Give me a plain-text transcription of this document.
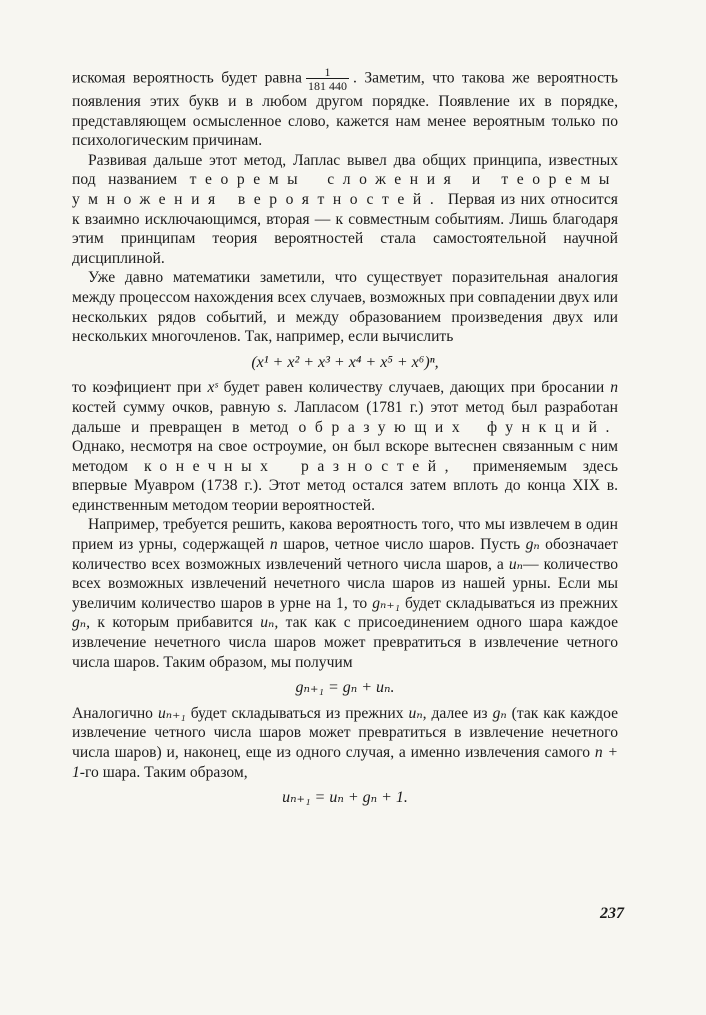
искомая вероятность будет равна $\frac{1}{181 440}$ . Заметим, что такова же вероятность появления этих букв и в любом другом порядке. Появление их в порядке, представляющем осмысленное слово, кажется нам менее вероятным только по психологическим причинам.

Развивая дальше этот метод, Лаплас вывел два общих принципа, известных под названием теоремы сложения и теоремы умножения вероятностей. Первая из них относится к взаимно исключающимся, вторая — к совместным событиям. Лишь благодаря этим принципам теория вероятностей стала самостоятельной научной дисциплиной.

Уже давно математики заметили, что существует поразительная аналогия между процессом нахождения всех случаев, возможных при совпадении двух или нескольких рядов событий, и между образованием произведения двух или нескольких многочленов. Так, например, если вычислить

(x¹ + x² + x³ + x⁴ + x⁵ + x⁶)ⁿ,

то коэфициент при xˢ будет равен количеству случаев, дающих при бросании n костей сумму очков, равную s. Лапласом (1781 г.) этот метод был разработан дальше и превращен в метод образующих функций. Однако, несмотря на свое остроумие, он был вскоре вытеснен связанным с ним методом конечных разностей, применяемым здесь впервые Муавром (1738 г.). Этот метод остался затем вплоть до конца XIX в. единственным методом теории вероятностей.

Например, требуется решить, какова вероятность того, что мы извлечем в один прием из урны, содержащей n шаров, четное число шаров. Пусть gₙ обозначает количество всех возможных извлечений четного числа шаров, а uₙ— количество всех возможных извлечений нечетного числа шаров из нашей урны. Если мы увеличим количество шаров в урне на 1, то gₙ₊₁ будет складываться из прежних gₙ, к которым прибавится uₙ, так как с присоединением одного шара каждое извлечение нечетного числа шаров может превратиться в извлечение четного числа шаров. Таким образом, мы получим

gₙ₊₁ = gₙ + uₙ.

Аналогично uₙ₊₁ будет складываться из прежних uₙ, далее из gₙ (так как каждое извлечение четного числа шаров может превратиться в извлечение нечетного числа шаров) и, наконец, еще из одного случая, а именно извлечения самого n + 1-го шара. Таким образом,

uₙ₊₁ = uₙ + gₙ + 1.
237
